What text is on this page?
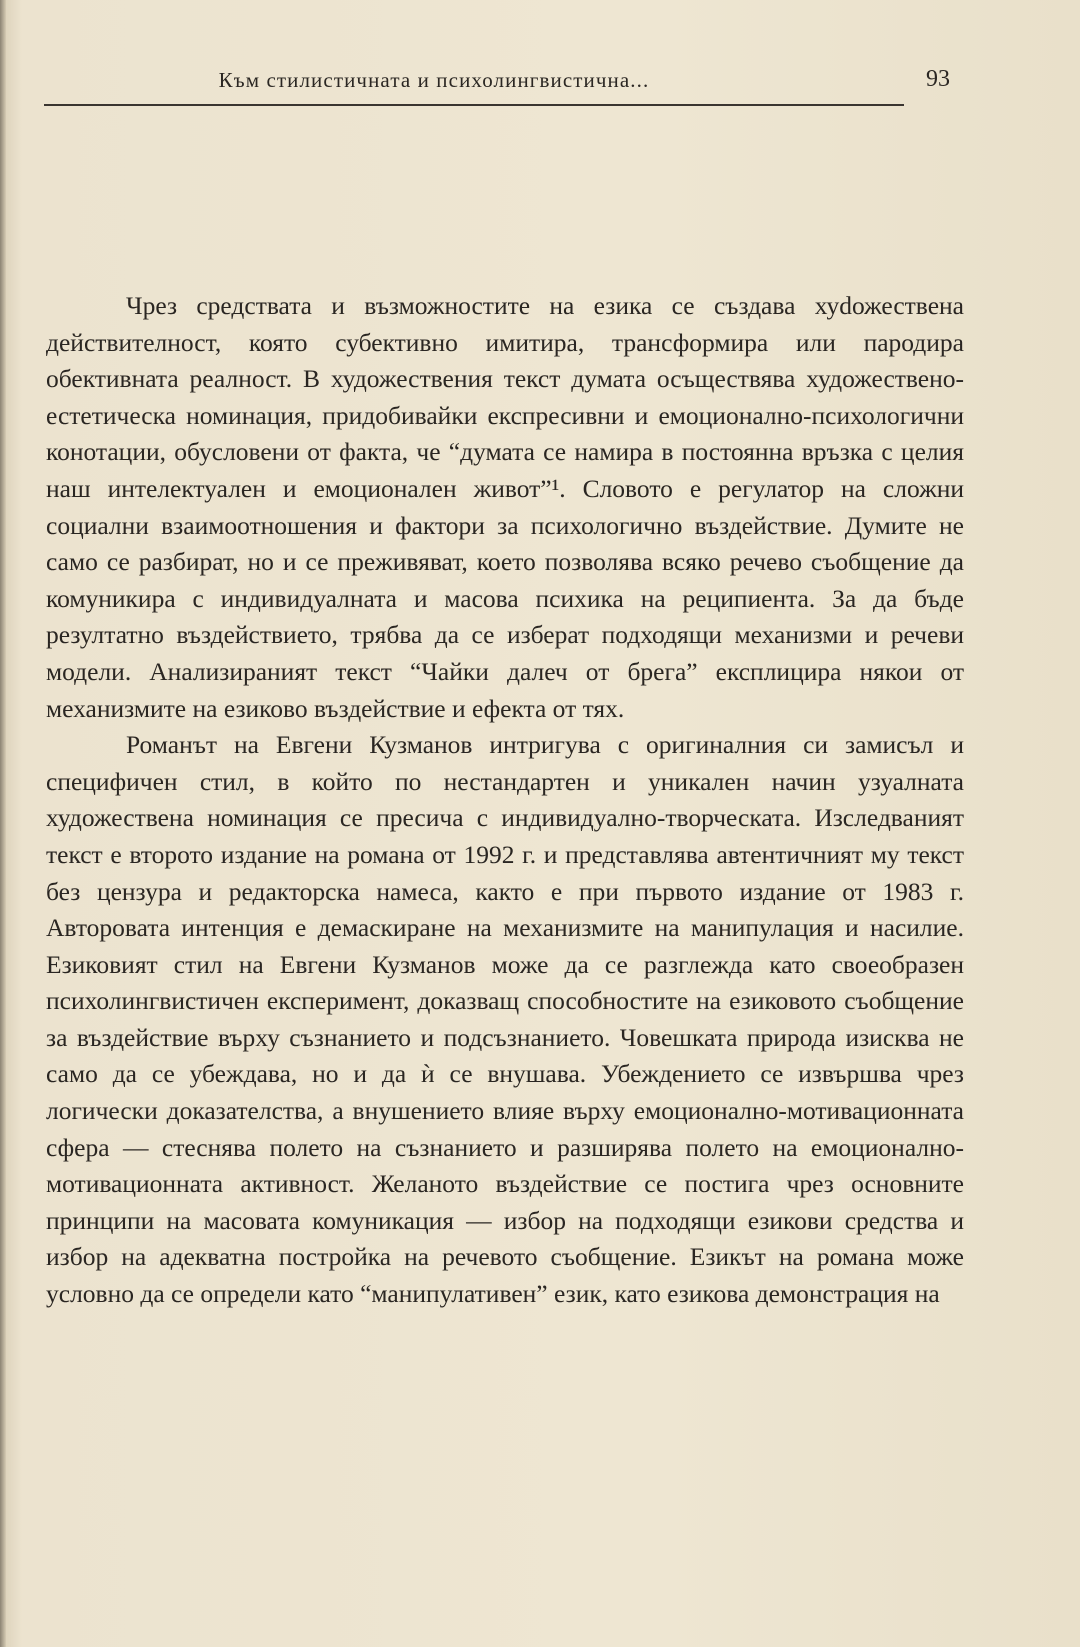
Към стилистичната и психолингвистична...	93

Чрез средствата и възможностите на езика се създава хуdожествена действителност, която субективно имитира, трансформира или пародира обективната реалност. В художествения текст думата осъществява художествено-естетическа номинация, придобивайки експресивни и емоционално-психологични конотации, обусловени от факта, че “думата се намира в постоянна връзка с целия наш интелектуален и емоционален живот”¹. Словото е регулатор на сложни социални взаимоотношения и фактори за психологично въздействие. Думите не само се разбират, но и се преживяват, което позволява всяко речево съобщение да комуникира с индивидуалната и масова психика на реципиента. За да бъде резултатно въздействието, трябва да се изберат подходящи механизми и речеви модели. Анализираният текст “Чайки далеч от брега” експлицира някои от механизмите на езиково въздействие и ефекта от тях.

Романът на Евгени Кузманов интригува с оригиналния си замисъл и специфичен стил, в който по нестандартен и уникален начин узуалната художествена номинация се пресича с индивидуално-творческата. Изследваният текст е второто издание на романа от 1992 г. и представлява автентичният му текст без цензура и редакторска намеса, както е при първото издание от 1983 г. Авторовата интенция е демаскиране на механизмите на манипулация и насилие. Езиковият стил на Евгени Кузманов може да се разглежда като своеобразен психолингвистичен експеримент, доказващ способностите на езиковото съобщение за въздействие върху съзнанието и подсъзнанието. Човешката природа изисква не само да се убеждава, но и да ѝ се внушава. Убеждението се извършва чрез логически доказателства, а внушението влияе върху емоционално-мотивационната сфера — стеснява полето на съзнанието и разширява полето на емоционално-мотивационната активност. Желаното въздействие се постига чрез основните принципи на масовата комуникация — избор на подходящи езикови средства и избор на адекватна постройка на речевото съобщение. Езикът на романа може условно да се определи като “манипулативен” език, като езикова демонстрация на
